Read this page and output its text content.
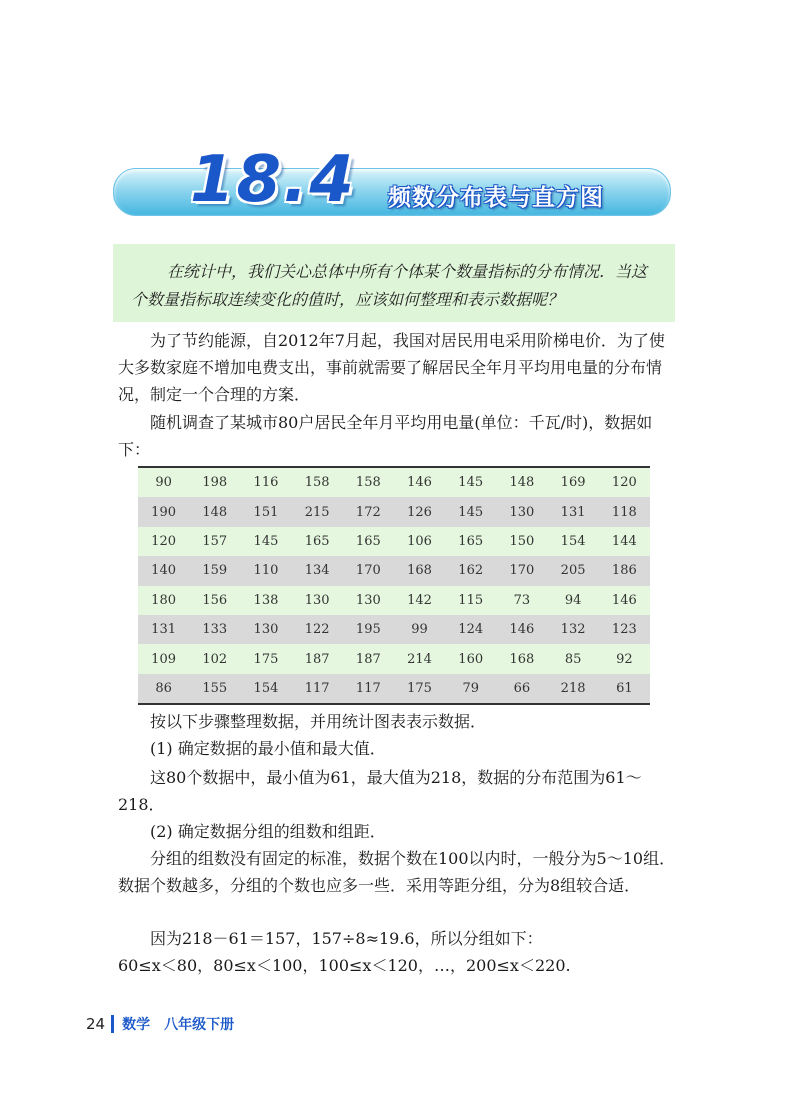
18.4 频数分布表与直方图

在统计中，我们关心总体中所有个体某个数量指标的分布情况．当这个数量指标取连续变化的值时，应该如何整理和表示数据呢？

为了节约能源，自2012年7月起，我国对居民用电采用阶梯电价．为了使大多数家庭不增加电费支出，事前就需要了解居民全年月平均用电量的分布情况，制定一个合理的方案．

随机调查了某城市80户居民全年月平均用电量(单位：千瓦/时)，数据如下：

90	198	116	158	158	146	145	148	169	120
190	148	151	215	172	126	145	130	131	118
120	157	145	165	165	106	165	150	154	144
140	159	110	134	170	168	162	170	205	186
180	156	138	130	130	142	115	73	94	146
131	133	130	122	195	99	124	146	132	123
109	102	175	187	187	214	160	168	85	92
86	155	154	117	117	175	79	66	218	61

按以下步骤整理数据，并用统计图表表示数据．

(1) 确定数据的最小值和最大值．

这80个数据中，最小值为61，最大值为218，数据的分布范围为61～218．

(2) 确定数据分组的组数和组距．

分组的组数没有固定的标准，数据个数在100以内时，一般分为5～10组．数据个数越多，分组的个数也应多一些．采用等距分组，分为8组较合适．

因为218－61＝157，157÷8≈19.6，所以分组如下：

60≤x＜80，80≤x＜100，100≤x＜120，…，200≤x＜220.

24 数学 八年级下册
